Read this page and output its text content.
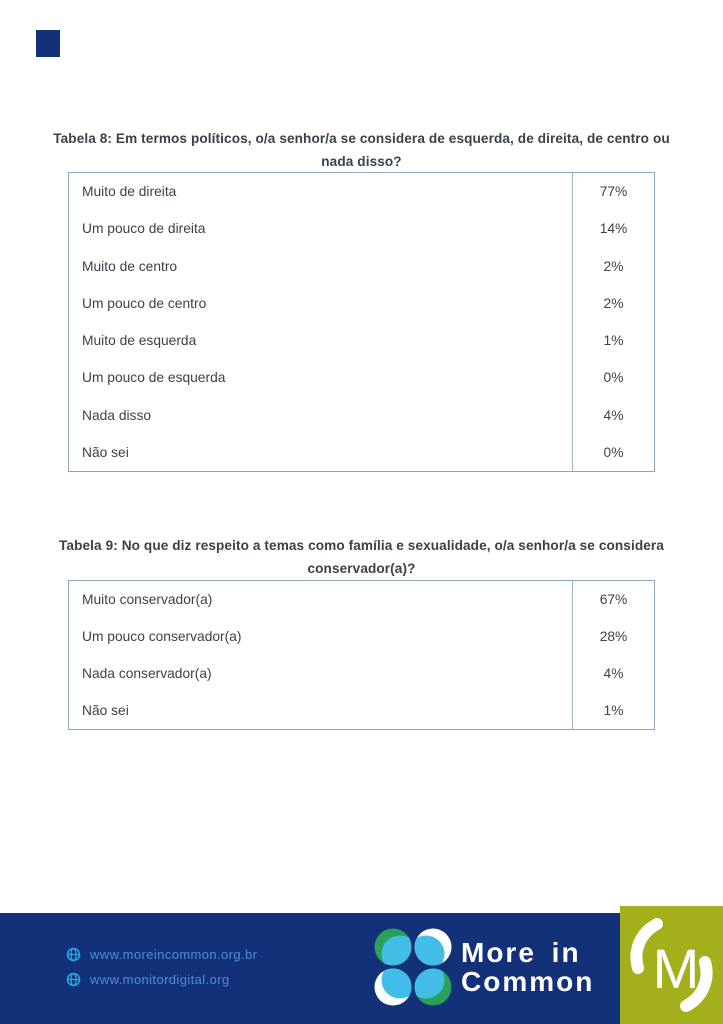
Tabela 8: Em termos políticos, o/a senhor/a se considera de esquerda, de direita, de centro ou nada disso?
Muito de direita	77%
Um pouco de direita	14%
Muito de centro	2%
Um pouco de centro	2%
Muito de esquerda	1%
Um pouco de esquerda	0%
Nada disso	4%
Não sei	0%
Tabela 9: No que diz respeito a temas como família e sexualidade, o/a senhor/a se considera conservador(a)?
Muito conservador(a)	67%
Um pouco conservador(a)	28%
Nada conservador(a)	4%
Não sei	1%
www.moreincommon.org.br
www.monitordigital.org
More in
Common M
